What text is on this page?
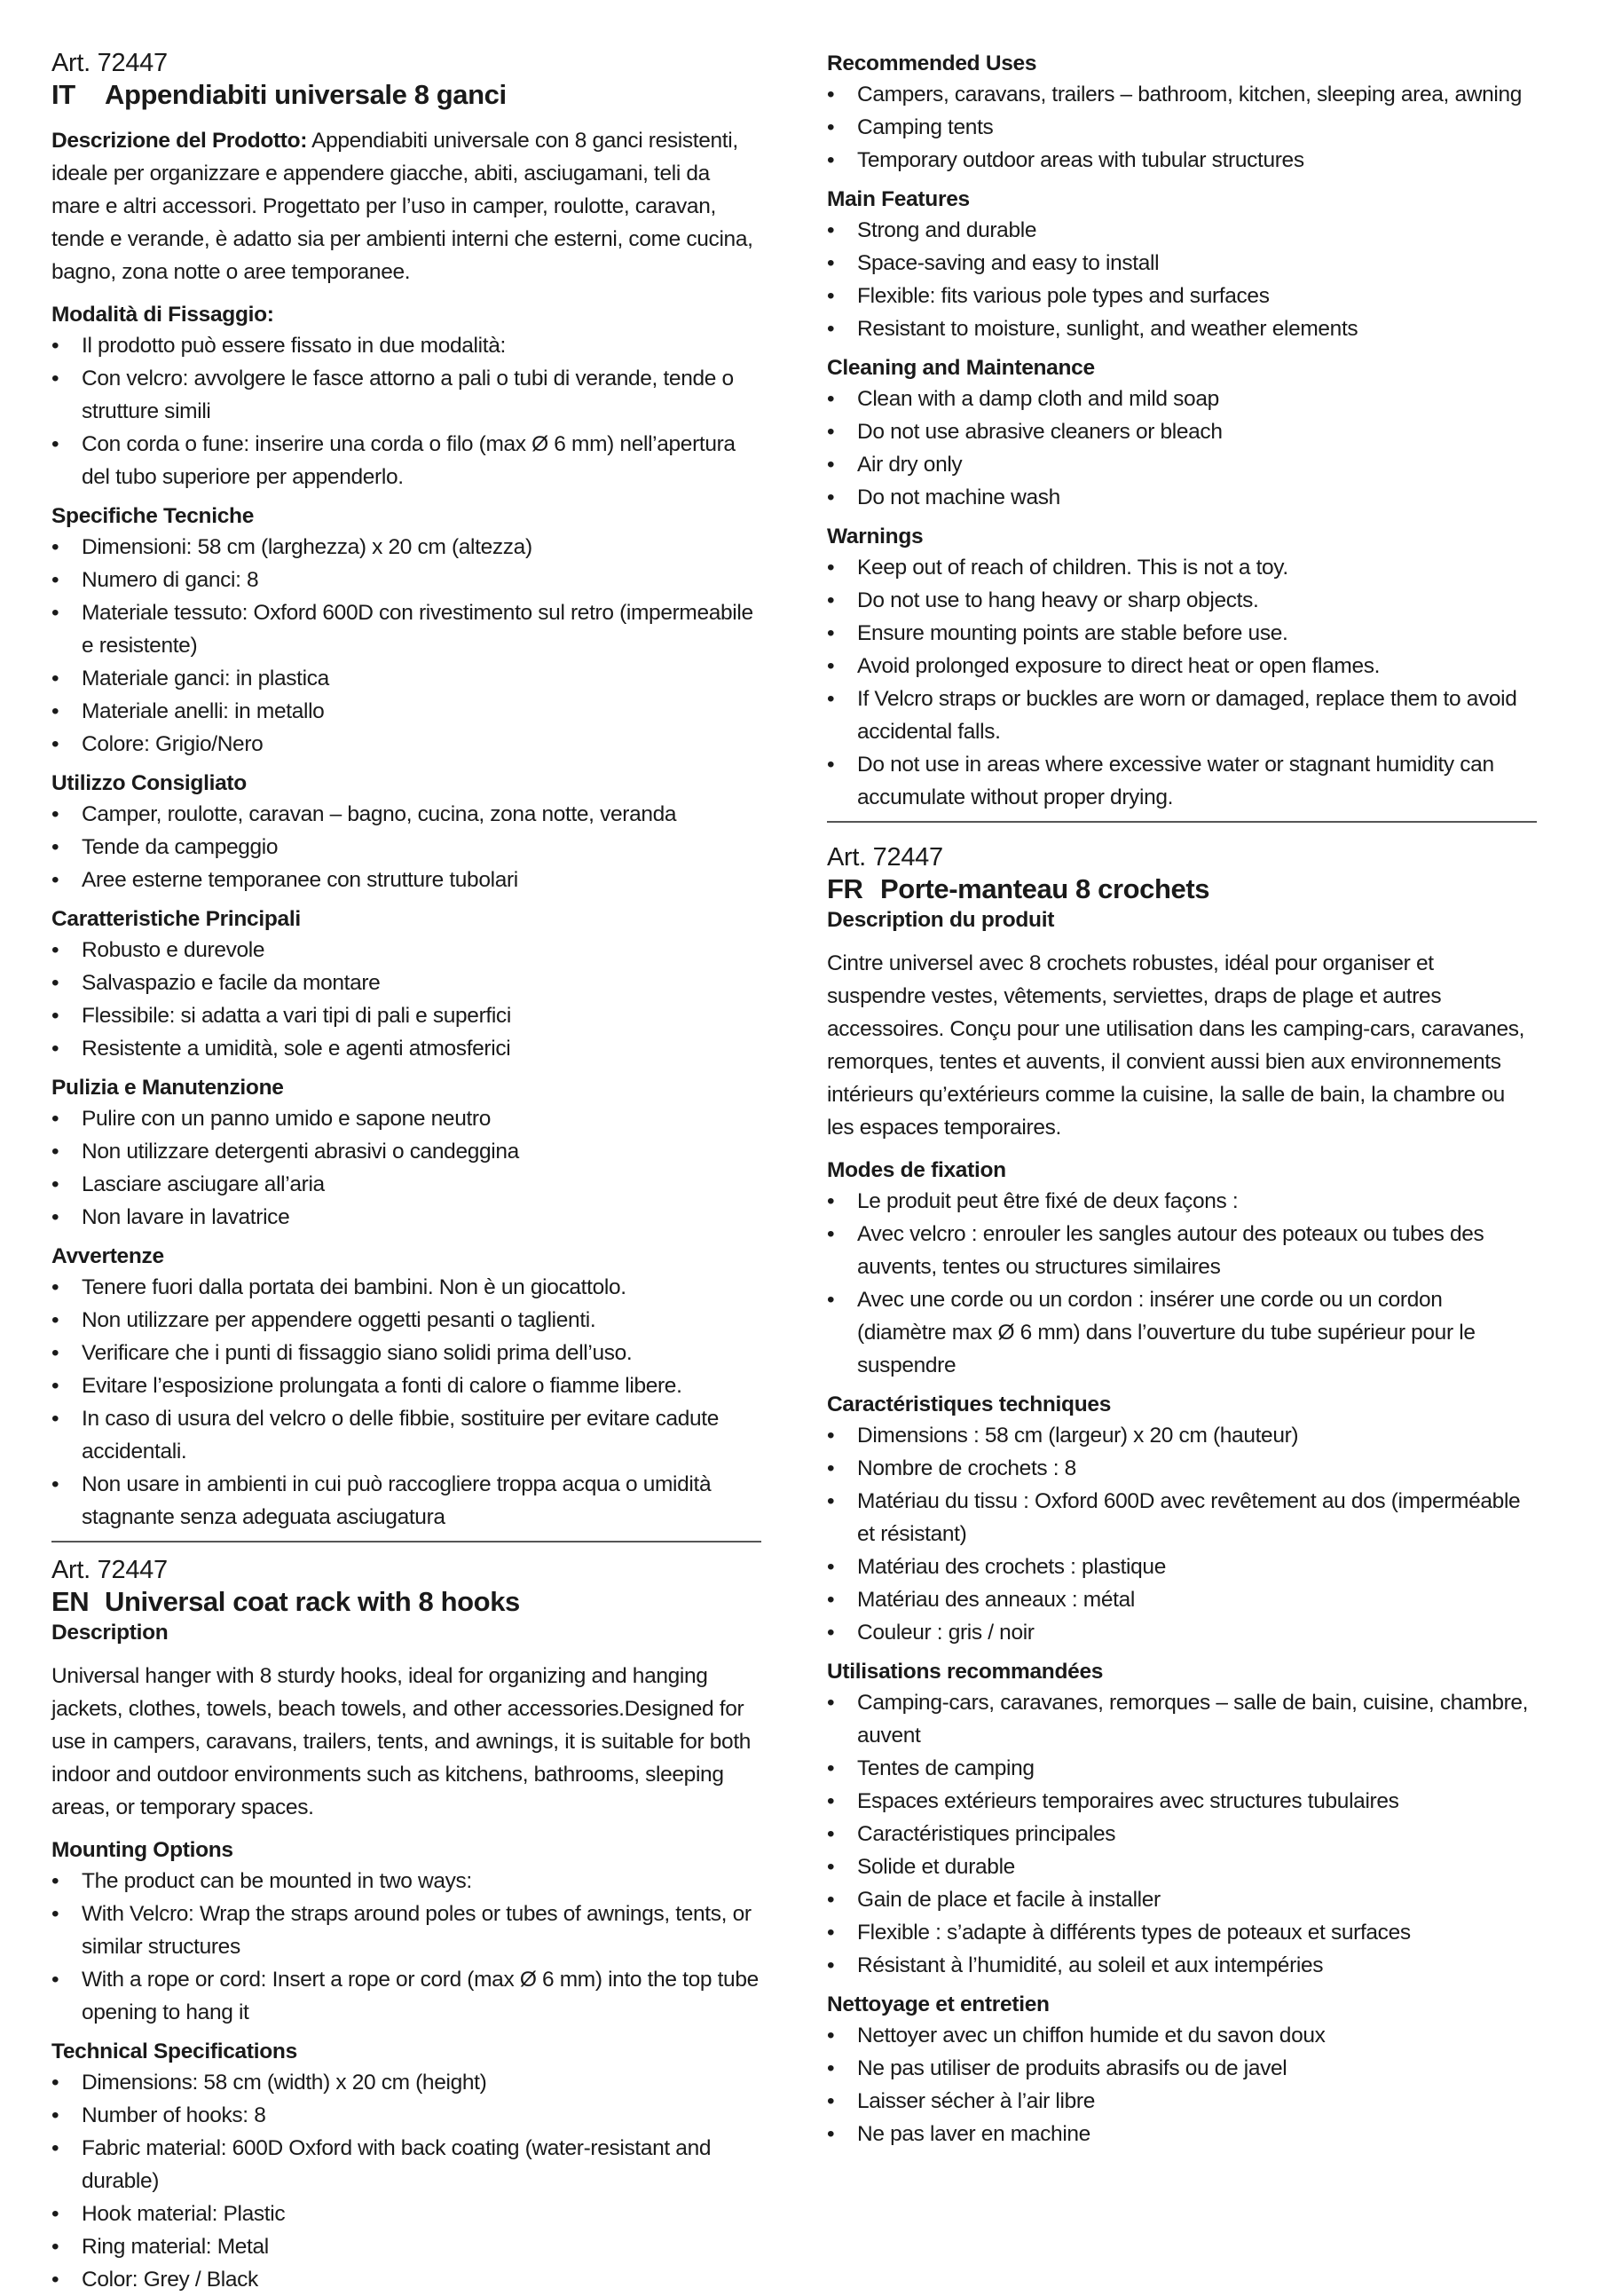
Art. 72447

IT Appendiabiti universale 8 ganci

Descrizione del Prodotto: Appendiabiti universale con 8 ganci resistenti, ideale per organizzare e appendere giacche, abiti, asciugamani, teli da mare e altri accessori. Progettato per l’uso in camper, roulotte, caravan, tende e verande, è adatto sia per ambienti interni che esterni, come cucina, bagno, zona notte o aree temporanee.

Modalità di Fissaggio:

• Il prodotto può essere fissato in due modalità:
• Con velcro: avvolgere le fasce attorno a pali o tubi di verande, tende o strutture simili
• Con corda o fune: inserire una corda o filo (max Ø 6 mm) nell’apertura del tubo superiore per appenderlo.

Specifiche Tecniche

• Dimensioni: 58 cm (larghezza) x 20 cm (altezza)
• Numero di ganci: 8
• Materiale tessuto: Oxford 600D con rivestimento sul retro (impermeabile e resistente)
• Materiale ganci: in plastica
• Materiale anelli: in metallo
• Colore: Grigio/Nero

Utilizzo Consigliato

• Camper, roulotte, caravan – bagno, cucina, zona notte, veranda
• Tende da campeggio
• Aree esterne temporanee con strutture tubolari

Caratteristiche Principali

• Robusto e durevole
• Salvaspazio e facile da montare
• Flessibile: si adatta a vari tipi di pali e superfici
• Resistente a umidità, sole e agenti atmosferici

Pulizia e Manutenzione

• Pulire con un panno umido e sapone neutro
• Non utilizzare detergenti abrasivi o candeggina
• Lasciare asciugare all’aria
• Non lavare in lavatrice

Avvertenze

• Tenere fuori dalla portata dei bambini. Non è un giocattolo.
• Non utilizzare per appendere oggetti pesanti o taglienti.
• Verificare che i punti di fissaggio siano solidi prima dell’uso.
• Evitare l’esposizione prolungata a fonti di calore o fiamme libere.
• In caso di usura del velcro o delle fibbie, sostituire per evitare cadute accidentali.
• Non usare in ambienti in cui può raccogliere troppa acqua o umidità stagnante senza adeguata asciugatura

Art. 72447

EN Universal coat rack with 8 hooks

Description

Universal hanger with 8 sturdy hooks, ideal for organizing and hanging jackets, clothes, towels, beach towels, and other accessories.Designed for use in campers, caravans, trailers, tents, and awnings, it is suitable for both indoor and outdoor environments such as kitchens, bathrooms, sleeping areas, or temporary spaces.

Mounting Options

• The product can be mounted in two ways:
• With Velcro: Wrap the straps around poles or tubes of awnings, tents, or similar structures
• With a rope or cord: Insert a rope or cord (max Ø 6 mm) into the top tube opening to hang it

Technical Specifications

• Dimensions: 58 cm (width) x 20 cm (height)
• Number of hooks: 8
• Fabric material: 600D Oxford with back coating (water-resistant and durable)
• Hook material: Plastic
• Ring material: Metal
• Color: Grey / Black

Recommended Uses

• Campers, caravans, trailers – bathroom, kitchen, sleeping area, awning
• Camping tents
• Temporary outdoor areas with tubular structures

Main Features

• Strong and durable
• Space-saving and easy to install
• Flexible: fits various pole types and surfaces
• Resistant to moisture, sunlight, and weather elements

Cleaning and Maintenance

• Clean with a damp cloth and mild soap
• Do not use abrasive cleaners or bleach
• Air dry only
• Do not machine wash

Warnings

• Keep out of reach of children. This is not a toy.
• Do not use to hang heavy or sharp objects.
• Ensure mounting points are stable before use.
• Avoid prolonged exposure to direct heat or open flames.
• If Velcro straps or buckles are worn or damaged, replace them to avoid accidental falls.
• Do not use in areas where excessive water or stagnant humidity can accumulate without proper drying.

Art. 72447

FR Porte-manteau 8 crochets

Description du produit

Cintre universel avec 8 crochets robustes, idéal pour organiser et suspendre vestes, vêtements, serviettes, draps de plage et autres accessoires. Conçu pour une utilisation dans les camping-cars, caravanes, remorques, tentes et auvents, il convient aussi bien aux environnements intérieurs qu’extérieurs comme la cuisine, la salle de bain, la chambre ou les espaces temporaires.

Modes de fixation

• Le produit peut être fixé de deux façons :
• Avec velcro : enrouler les sangles autour des poteaux ou tubes des auvents, tentes ou structures similaires
• Avec une corde ou un cordon : insérer une corde ou un cordon (diamètre max Ø 6 mm) dans l’ouverture du tube supérieur pour le suspendre

Caractéristiques techniques

• Dimensions : 58 cm (largeur) x 20 cm (hauteur)
• Nombre de crochets : 8
• Matériau du tissu : Oxford 600D avec revêtement au dos (imperméable et résistant)
• Matériau des crochets : plastique
• Matériau des anneaux : métal
• Couleur : gris / noir

Utilisations recommandées

• Camping-cars, caravanes, remorques – salle de bain, cuisine, chambre, auvent
• Tentes de camping
• Espaces extérieurs temporaires avec structures tubulaires
• Caractéristiques principales
• Solide et durable
• Gain de place et facile à installer
• Flexible : s’adapte à différents types de poteaux et surfaces
• Résistant à l’humidité, au soleil et aux intempéries

Nettoyage et entretien

• Nettoyer avec un chiffon humide et du savon doux
• Ne pas utiliser de produits abrasifs ou de javel
• Laisser sécher à l’air libre
• Ne pas laver en machine
